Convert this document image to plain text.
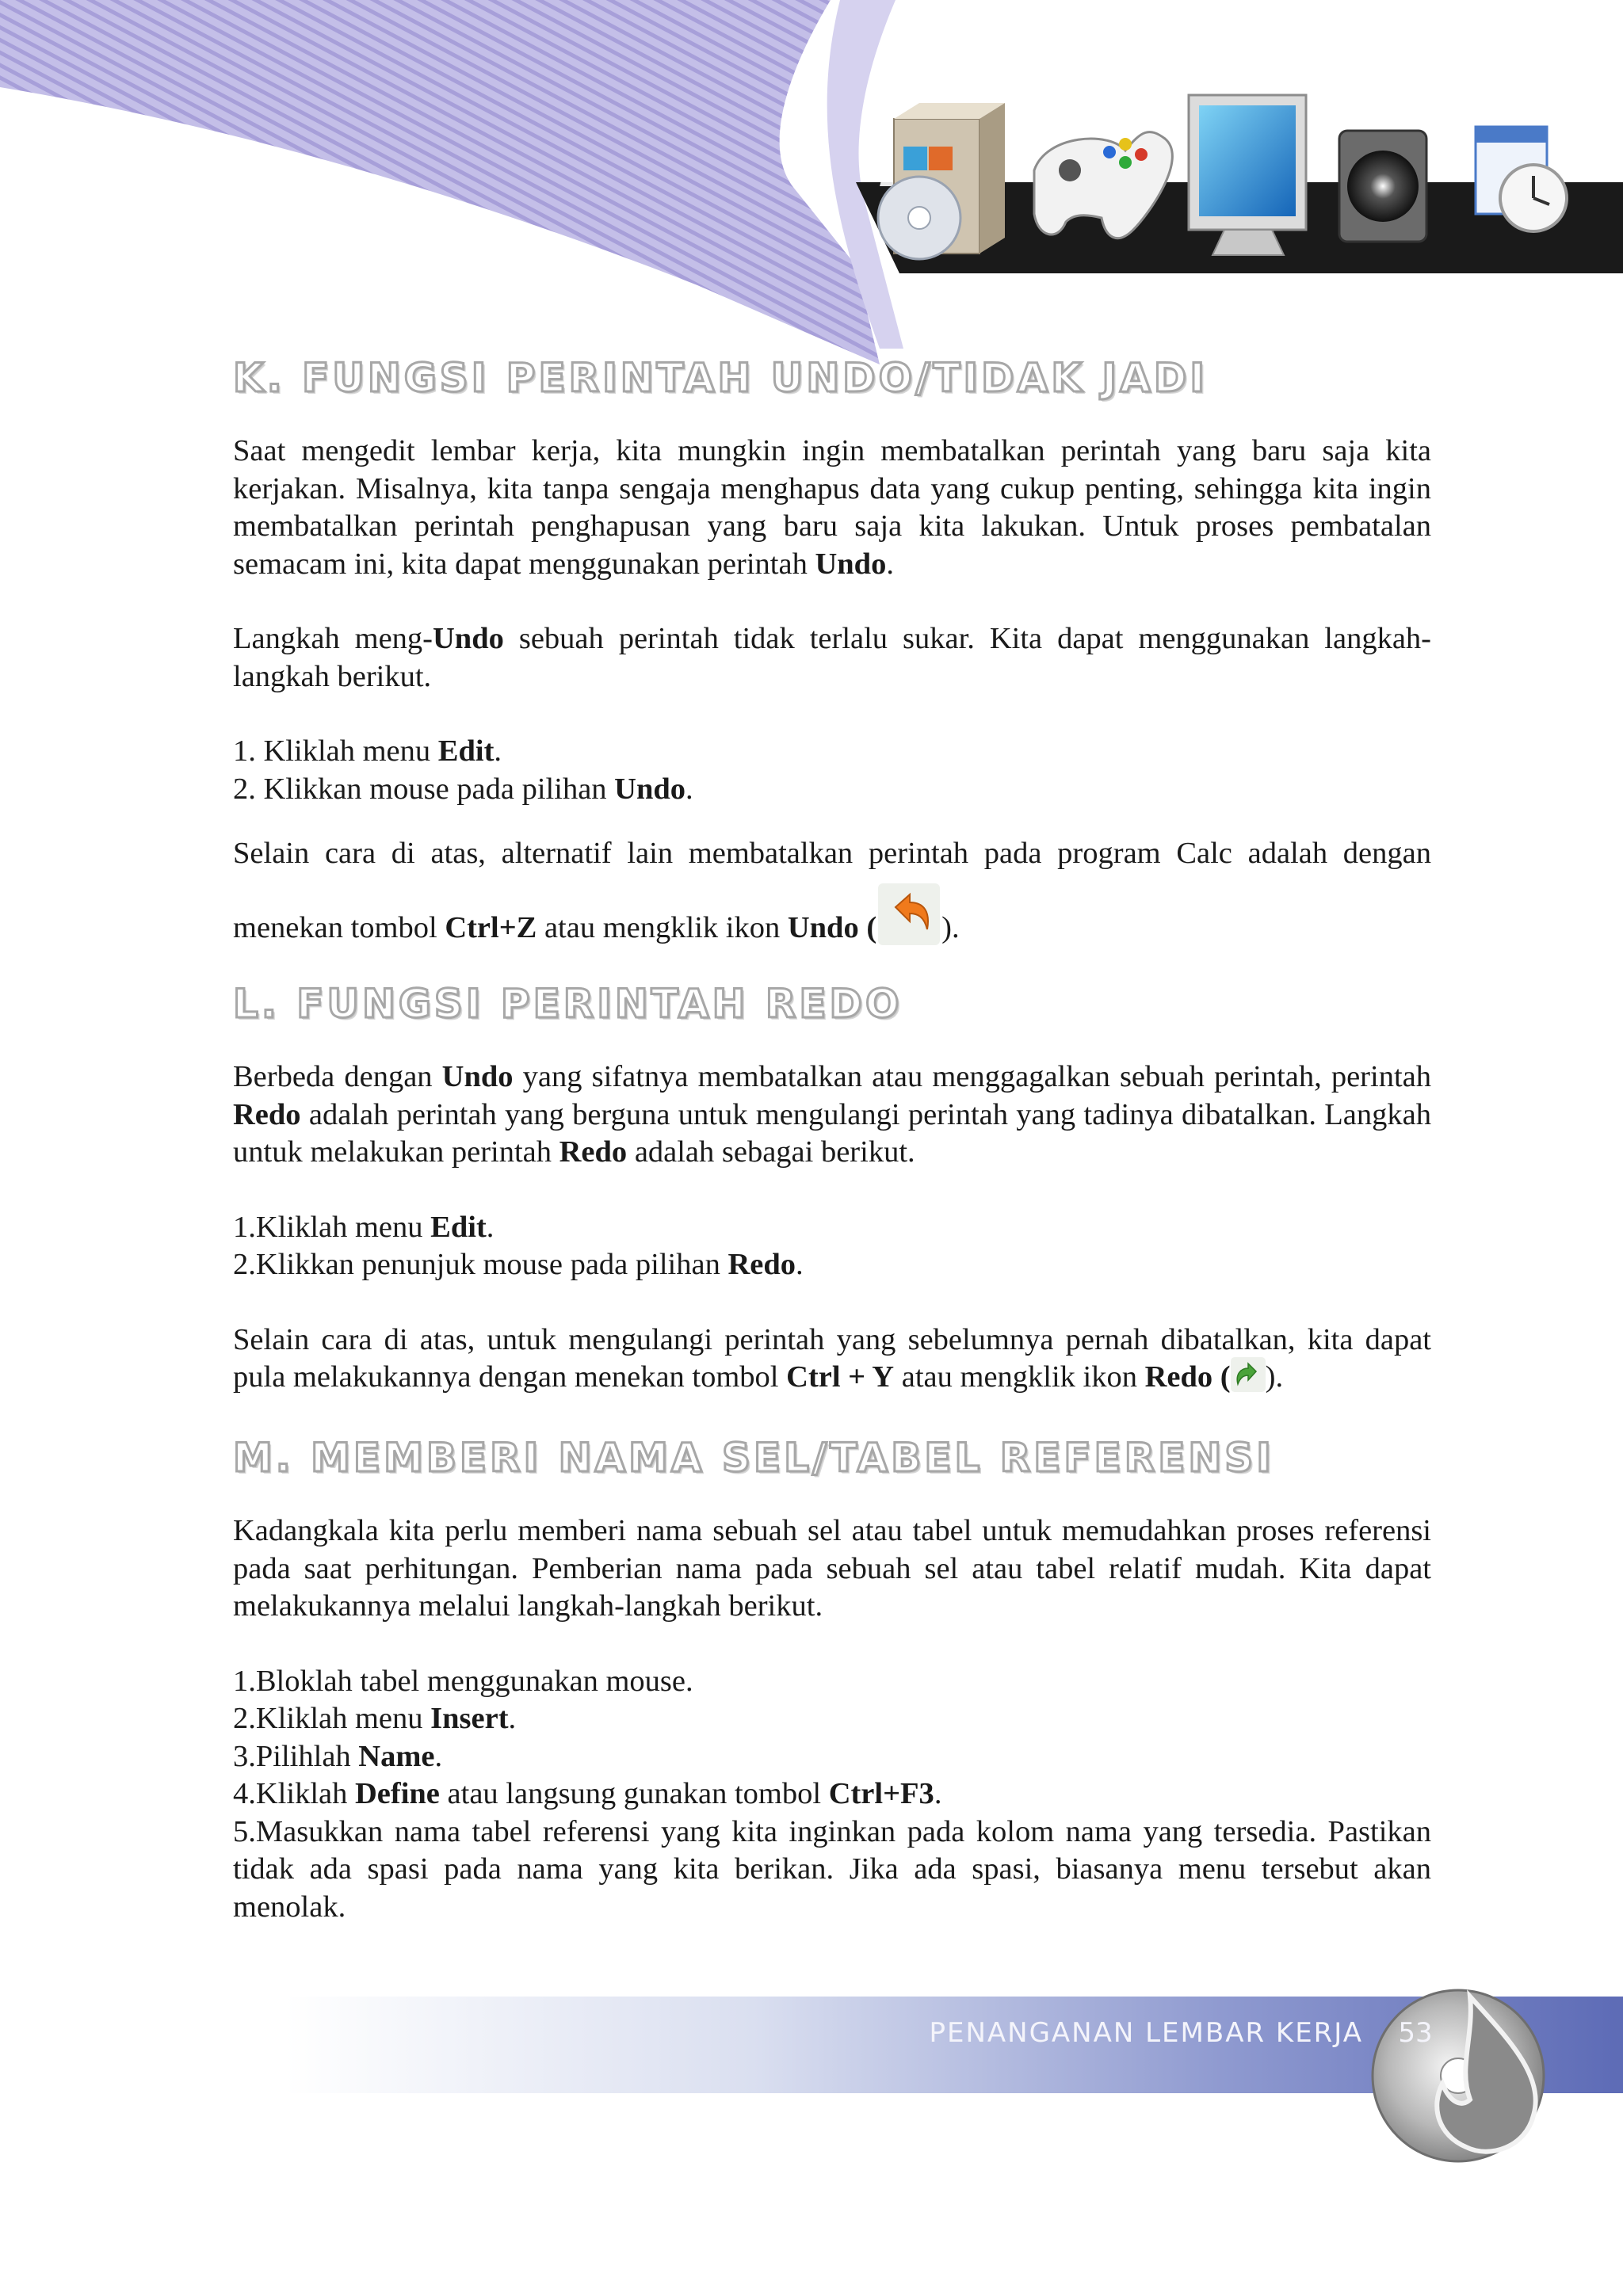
K. FUNGSI PERINTAH UNDO/TIDAK JADI

Saat mengedit lembar kerja, kita mungkin ingin membatalkan perintah yang baru saja kita kerjakan. Misalnya, kita tanpa sengaja menghapus data yang cukup penting, sehingga kita ingin membatalkan perintah penghapusan yang baru saja kita lakukan. Untuk proses pembatalan semacam ini, kita dapat menggunakan perintah Undo.

Langkah meng-Undo sebuah perintah tidak terlalu sukar. Kita dapat menggunakan langkah-langkah berikut.

1. Kliklah menu Edit.

2. Klikkan mouse pada pilihan Undo.

Selain cara di atas, alternatif lain membatalkan perintah pada program Calc adalah dengan menekan tombol Ctrl+Z atau mengklik ikon Undo ( ).

L. FUNGSI PERINTAH REDO

Berbeda dengan Undo yang sifatnya membatalkan atau menggagalkan sebuah perintah, perintah Redo adalah perintah yang berguna untuk mengulangi perintah yang tadinya dibatalkan. Langkah untuk melakukan perintah Redo adalah sebagai berikut.

1.Kliklah menu Edit.

2.Klikkan penunjuk mouse pada pilihan Redo.

Selain cara di atas, untuk mengulangi perintah yang sebelumnya pernah dibatalkan, kita dapat pula melakukannya dengan menekan tombol Ctrl + Y atau mengklik ikon Redo ( ).

M. MEMBERI NAMA SEL/TABEL REFERENSI

Kadangkala kita perlu memberi nama sebuah sel atau tabel untuk memudahkan proses referensi pada saat perhitungan. Pemberian nama pada sebuah sel atau tabel relatif mudah. Kita dapat melakukannya melalui langkah-langkah berikut.

1.Bloklah tabel menggunakan mouse.

2.Kliklah menu Insert.

3.Pilihlah Name.

4.Kliklah Define atau langsung gunakan tombol Ctrl+F3.

5.Masukkan nama tabel referensi yang kita inginkan pada kolom nama yang tersedia. Pastikan tidak ada spasi pada nama yang kita berikan. Jika ada spasi, biasanya menu tersebut akan menolak.

PENANGANAN LEMBAR KERJA 53
